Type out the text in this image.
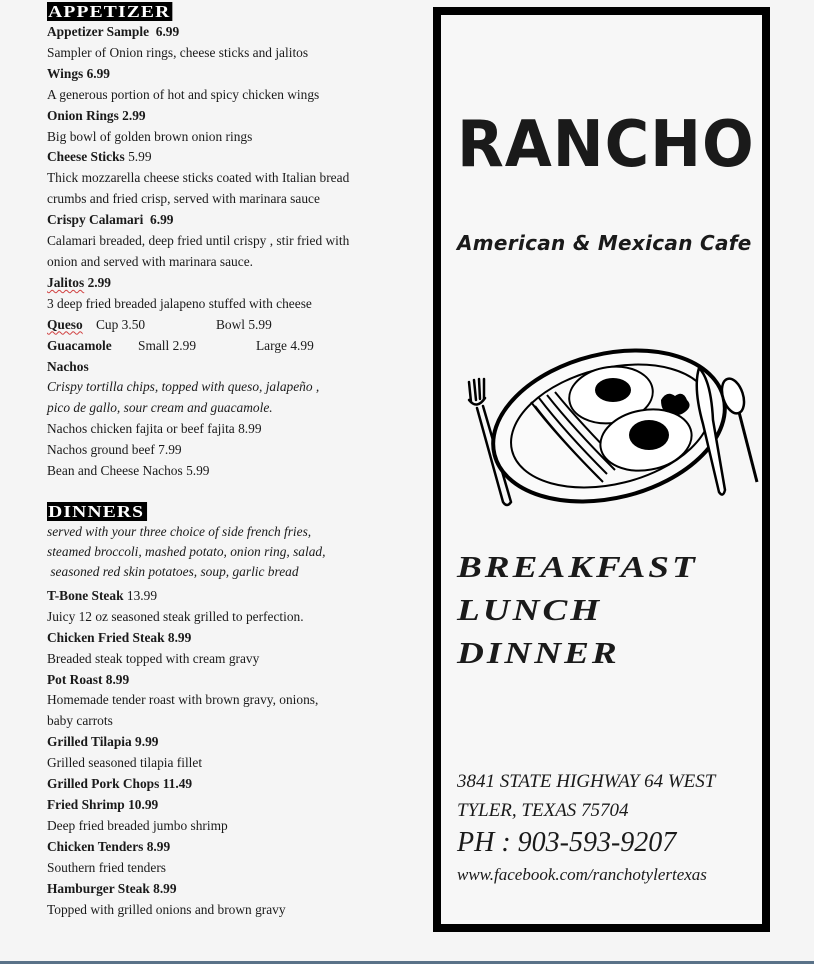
APPETIZER
Appetizer Sample 6.99
Sampler of Onion rings, cheese sticks and jalitos
Wings 6.99
A generous portion of hot and spicy chicken wings
Onion Rings 2.99
Big bowl of golden brown onion rings
Cheese Sticks 5.99
Thick mozzarella cheese sticks coated with Italian bread
crumbs and fried crisp, served with marinara sauce
Crispy Calamari 6.99
Calamari breaded, deep fried until crispy , stir fried with
onion and served with marinara sauce.
Jalitos 2.99
3 deep fried breaded jalapeno stuffed with cheese
Queso Cup 3.50	Bowl 5.99
Guacamole Small 2.99	Large 4.99
Nachos
Crispy tortilla chips, topped with queso, jalapeño ,
pico de gallo, sour cream and guacamole.
Nachos chicken fajita or beef fajita 8.99
Nachos ground beef 7.99
Bean and Cheese Nachos 5.99
DINNERS
served with your three choice of side french fries,
steamed broccoli, mashed potato, onion ring, salad,
seasoned red skin potatoes, soup, garlic bread
T-Bone Steak 13.99
Juicy 12 oz seasoned steak grilled to perfection.
Chicken Fried Steak 8.99
Breaded steak topped with cream gravy
Pot Roast 8.99
Homemade tender roast with brown gravy, onions,
baby carrots
Grilled Tilapia 9.99
Grilled seasoned tilapia fillet
Grilled Pork Chops 11.49
Fried Shrimp 10.99
Deep fried breaded jumbo shrimp
Chicken Tenders 8.99
Southern fried tenders
Hamburger Steak 8.99
Topped with grilled onions and brown gravy
RANCHO
American & Mexican Cafe
BREAKFAST
LUNCH
DINNER
3841 STATE HIGHWAY 64 WEST
TYLER, TEXAS 75704
PH : 903-593-9207
www.facebook.com/ranchotylertexas
